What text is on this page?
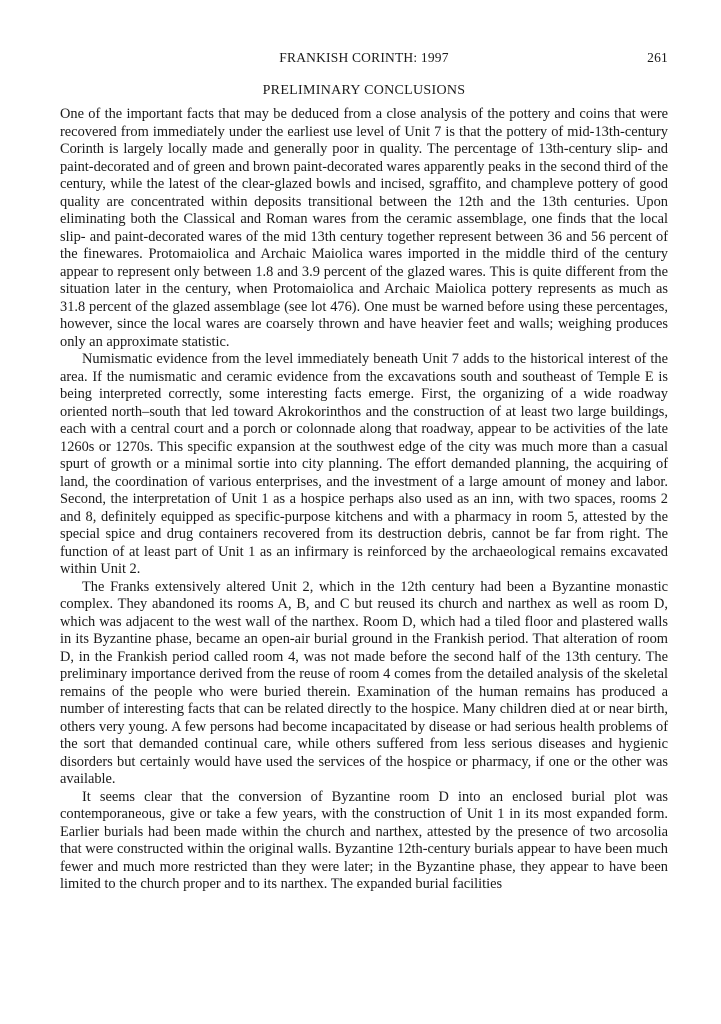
FRANKISH CORINTH: 1997	261
PRELIMINARY CONCLUSIONS

One of the important facts that may be deduced from a close analysis of the pottery and coins that were recovered from immediately under the earliest use level of Unit 7 is that the pottery of mid-13th-century Corinth is largely locally made and generally poor in quality. The percentage of 13th-century slip- and paint-decorated and of green and brown paint-decorated wares apparently peaks in the second third of the century, while the latest of the clear-glazed bowls and incised, sgraffito, and champleve pottery of good quality are concentrated within deposits transitional between the 12th and the 13th centuries. Upon eliminating both the Classical and Roman wares from the ceramic assemblage, one finds that the local slip- and paint-decorated wares of the mid 13th century together represent between 36 and 56 percent of the finewares. Protomaiolica and Archaic Maiolica wares imported in the middle third of the century appear to represent only between 1.8 and 3.9 percent of the glazed wares. This is quite different from the situation later in the century, when Protomaiolica and Archaic Maiolica pottery represents as much as 31.8 percent of the glazed assemblage (see lot 476). One must be warned before using these percentages, however, since the local wares are coarsely thrown and have heavier feet and walls; weighing produces only an approximate statistic.

Numismatic evidence from the level immediately beneath Unit 7 adds to the historical interest of the area. If the numismatic and ceramic evidence from the excavations south and southeast of Temple E is being interpreted correctly, some interesting facts emerge. First, the organizing of a wide roadway oriented north–south that led toward Akrokorinthos and the construction of at least two large buildings, each with a central court and a porch or colonnade along that roadway, appear to be activities of the late 1260s or 1270s. This specific expansion at the southwest edge of the city was much more than a casual spurt of growth or a minimal sortie into city planning. The effort demanded planning, the acquiring of land, the coordination of various enterprises, and the investment of a large amount of money and labor. Second, the interpretation of Unit 1 as a hospice perhaps also used as an inn, with two spaces, rooms 2 and 8, definitely equipped as specific-purpose kitchens and with a pharmacy in room 5, attested by the special spice and drug containers recovered from its destruction debris, cannot be far from right. The function of at least part of Unit 1 as an infirmary is reinforced by the archaeological remains excavated within Unit 2.

The Franks extensively altered Unit 2, which in the 12th century had been a Byzantine monastic complex. They abandoned its rooms A, B, and C but reused its church and narthex as well as room D, which was adjacent to the west wall of the narthex. Room D, which had a tiled floor and plastered walls in its Byzantine phase, became an open-air burial ground in the Frankish period. That alteration of room D, in the Frankish period called room 4, was not made before the second half of the 13th century. The preliminary importance derived from the reuse of room 4 comes from the detailed analysis of the skeletal remains of the people who were buried therein. Examination of the human remains has produced a number of interesting facts that can be related directly to the hospice. Many children died at or near birth, others very young. A few persons had become incapacitated by disease or had serious health problems of the sort that demanded continual care, while others suffered from less serious diseases and hygienic disorders but certainly would have used the services of the hospice or pharmacy, if one or the other was available.

It seems clear that the conversion of Byzantine room D into an enclosed burial plot was contemporaneous, give or take a few years, with the construction of Unit 1 in its most expanded form. Earlier burials had been made within the church and narthex, attested by the presence of two arcosolia that were constructed within the original walls. Byzantine 12th-century burials appear to have been much fewer and much more restricted than they were later; in the Byzantine phase, they appear to have been limited to the church proper and to its narthex. The expanded burial facilities
